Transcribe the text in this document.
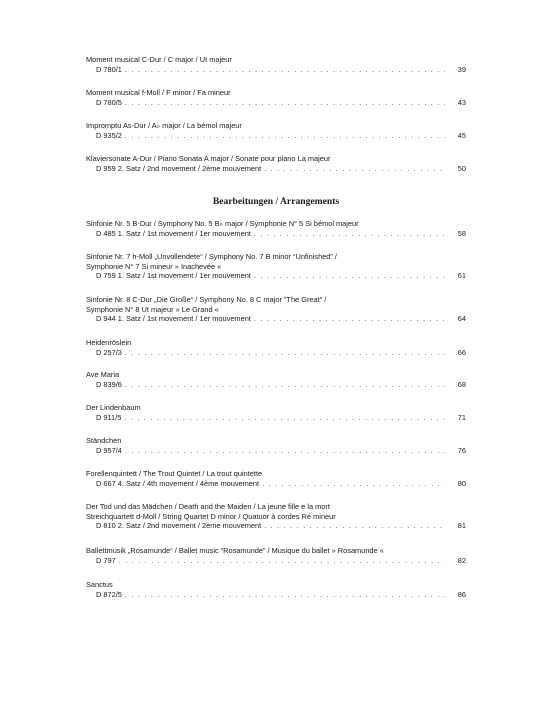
Moment musical C-Dur / C major / Ut majeur
D 780/1 . . .	39
Moment musical f-Moll / F minor / Fa mineur
D 780/5 . . .	43
Impromptu As-Dur / A♭ major / La bémol majeur
D 935/2 . . .	45
Klaviersonate A-Dur / Piano Sonata A major / Sonate pour piano La majeur
D 959 2. Satz / 2nd movement / 2ème mouvement . . .	50
Bearbeitungen / Arrangements
Sinfonie Nr. 5 B-Dur / Symphony No. 5 B♭ major / Symphonie N° 5 Si bémol majeur
D 485 1. Satz / 1st movement / 1er mouvement . . .	58
Sinfonie Nr. 7 h-Moll „Unvollendete“ / Symphony No. 7 B minor “Unfinished” /
Symphonie N° 7 Si mineur » Inachevée «
D 759 1. Satz / 1st movement / 1er mouvement . . .	61
Sinfonie Nr. 8 C-Dur „Die Große“ / Symphony No. 8 C major “The Great” /
Symphonie N° 8 Ut majeur » Le Grand «
D 944 1. Satz / 1st movement / 1er mouvement . . .	64
Heidenröslein
D 257/3 . . .	66
Ave Maria
D 839/6 . . .	68
Der Lindenbaum
D 911/5 . . .	71
Ständchen
D 957/4 . . .	76
Forellenquintett / The Trout Quintet / La trout quintette
D 667 4. Satz / 4th movement / 4ème mouvement . . .	80
Der Tod und das Mädchen / Death and the Maiden / La jeune fille e la mort
Streichquartett d-Moll / String Quartet D minor / Quatuor à cordes Ré mineur
D 810 2. Satz / 2nd movement / 2ème mouvement . . .	81
Ballettmusik „Rosamunde“ / Ballet music “Rosamunde” / Musique du ballet » Rosamunde «
D 797 . . .	82
Sanctus
D 872/5 . . .	86
